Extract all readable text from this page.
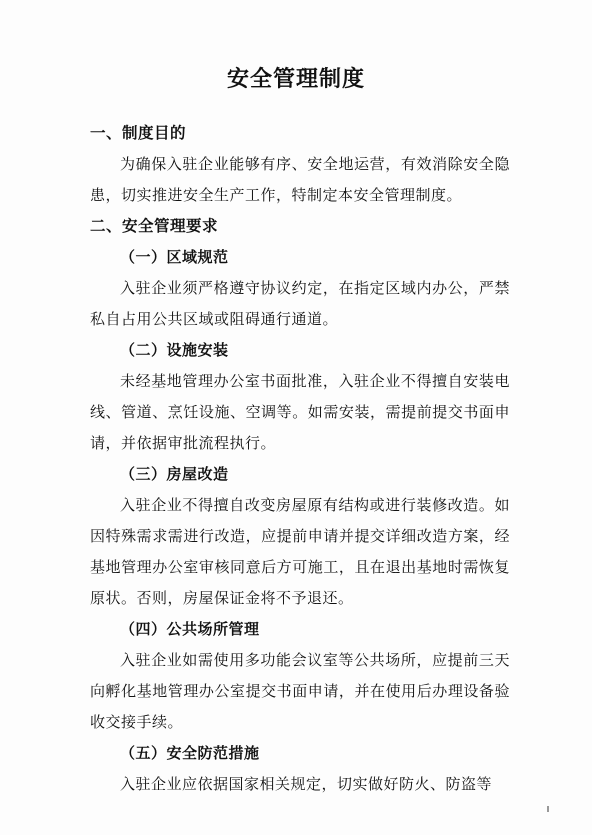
安全管理制度

一、制度目的

为确保入驻企业能够有序、安全地运营，有效消除安全隐患，切实推进安全生产工作，特制定本安全管理制度。

二、安全管理要求

（一）区域规范

入驻企业须严格遵守协议约定，在指定区域内办公，严禁私自占用公共区域或阻碍通行通道。

（二）设施安装

未经基地管理办公室书面批准，入驻企业不得擅自安装电线、管道、烹饪设施、空调等。如需安装，需提前提交书面申请，并依据审批流程执行。

（三）房屋改造

入驻企业不得擅自改变房屋原有结构或进行装修改造。如因特殊需求需进行改造，应提前申请并提交详细改造方案，经基地管理办公室审核同意后方可施工，且在退出基地时需恢复原状。否则，房屋保证金将不予退还。

（四）公共场所管理

入驻企业如需使用多功能会议室等公共场所，应提前三天向孵化基地管理办公室提交书面申请，并在使用后办理设备验收交接手续。

（五）安全防范措施

入驻企业应依据国家相关规定，切实做好防火、防盗等
